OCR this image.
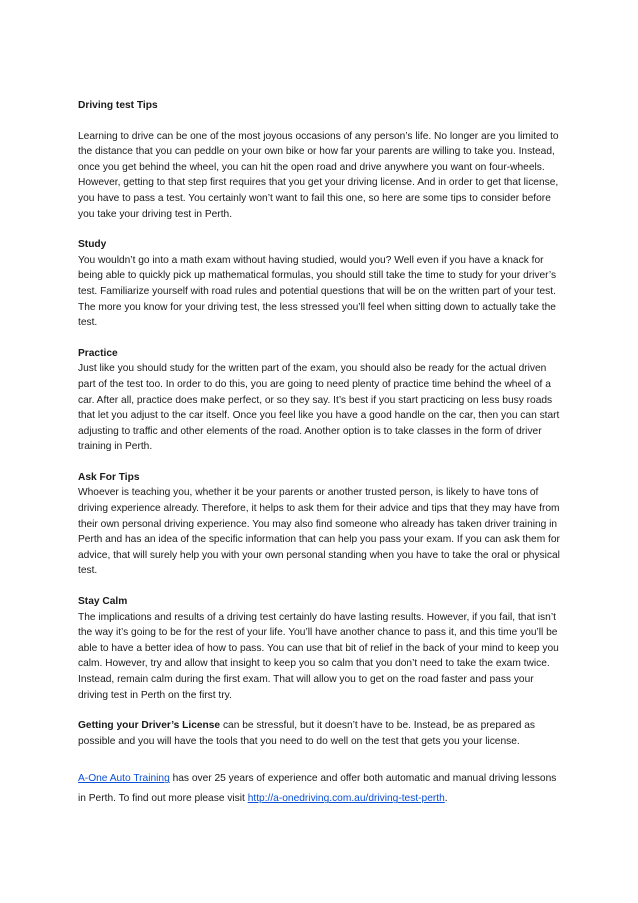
Driving test Tips

Learning to drive can be one of the most joyous occasions of any person’s life. No longer are you limited to the distance that you can peddle on your own bike or how far your parents are willing to take you. Instead, once you get behind the wheel, you can hit the open road and drive anywhere you want on four-wheels. However, getting to that step first requires that you get your driving license. And in order to get that license, you have to pass a test. You certainly won’t want to fail this one, so here are some tips to consider before you take your driving test in Perth.

Study
You wouldn’t go into a math exam without having studied, would you? Well even if you have a knack for being able to quickly pick up mathematical formulas, you should still take the time to study for your driver’s test. Familiarize yourself with road rules and potential questions that will be on the written part of your test. The more you know for your driving test, the less stressed you’ll feel when sitting down to actually take the test.
Practice
Just like you should study for the written part of the exam, you should also be ready for the actual driven part of the test too. In order to do this, you are going to need plenty of practice time behind the wheel of a car. After all, practice does make perfect, or so they say. It’s best if you start practicing on less busy roads that let you adjust to the car itself. Once you feel like you have a good handle on the car, then you can start adjusting to traffic and other elements of the road. Another option is to take classes in the form of driver training in Perth.
Ask For Tips
Whoever is teaching you, whether it be your parents or another trusted person, is likely to have tons of driving experience already. Therefore, it helps to ask them for their advice and tips that they may have from their own personal driving experience. You may also find someone who already has taken driver training in Perth and has an idea of the specific information that can help you pass your exam. If you can ask them for advice, that will surely help you with your own personal standing when you have to take the oral or physical test.
Stay Calm
The implications and results of a driving test certainly do have lasting results. However, if you fail, that isn’t the way it’s going to be for the rest of your life. You’ll have another chance to pass it, and this time you’ll be able to have a better idea of how to pass. You can use that bit of relief in the back of your mind to keep you calm. However, try and allow that insight to keep you so calm that you don’t need to take the exam twice. Instead, remain calm during the first exam. That will allow you to get on the road faster and pass your driving test in Perth on the first try.

Getting your Driver’s License can be stressful, but it doesn’t have to be. Instead, be as prepared as possible and you will have the tools that you need to do well on the test that gets you your license.

A-One Auto Training has over 25 years of experience and offer both automatic and manual driving lessons in Perth. To find out more please visit http://a-onedriving.com.au/driving-test-perth.
